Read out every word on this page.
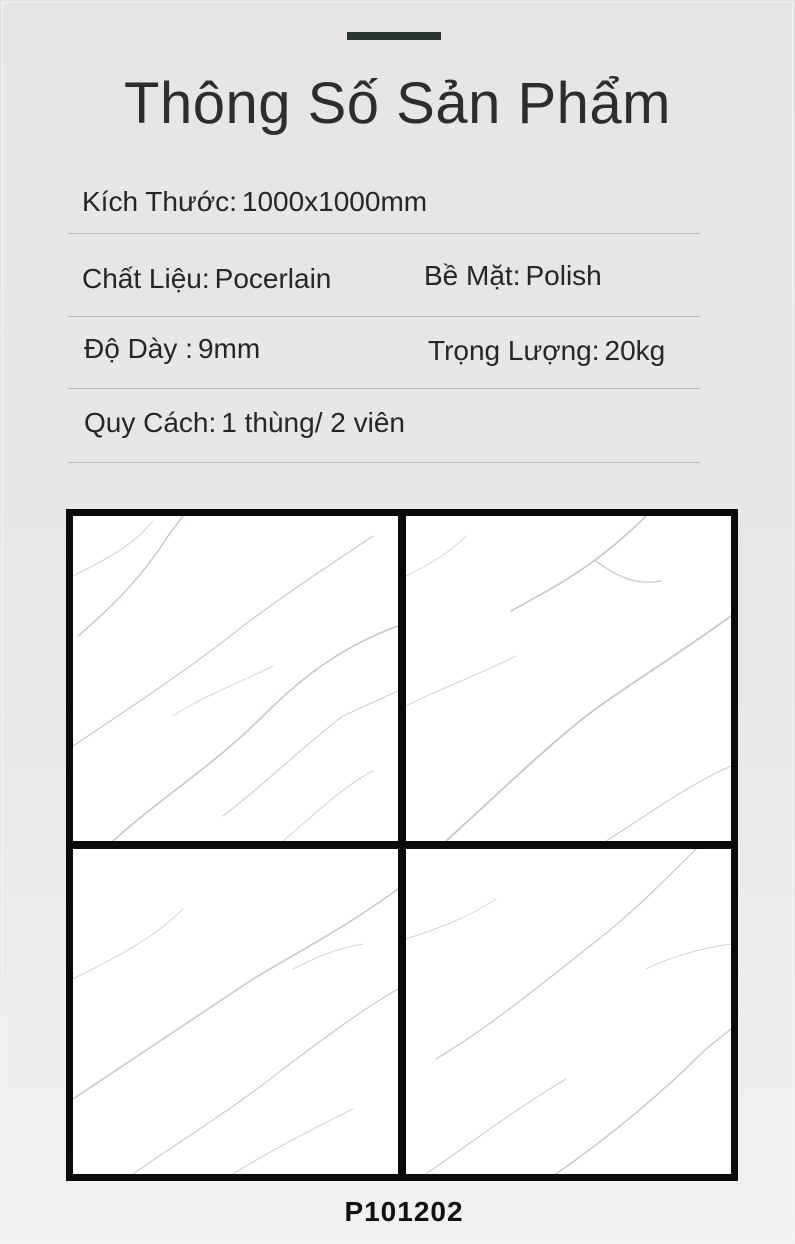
Thông Số Sản Phẩm
Kích Thước: 1000x1000mm
Chất Liệu: Pocerlain	Bề Mặt: Polish
Độ Dày : 9mm	Trọng Lượng: 20kg
Quy Cách: 1 thùng/ 2 viên
P101202
